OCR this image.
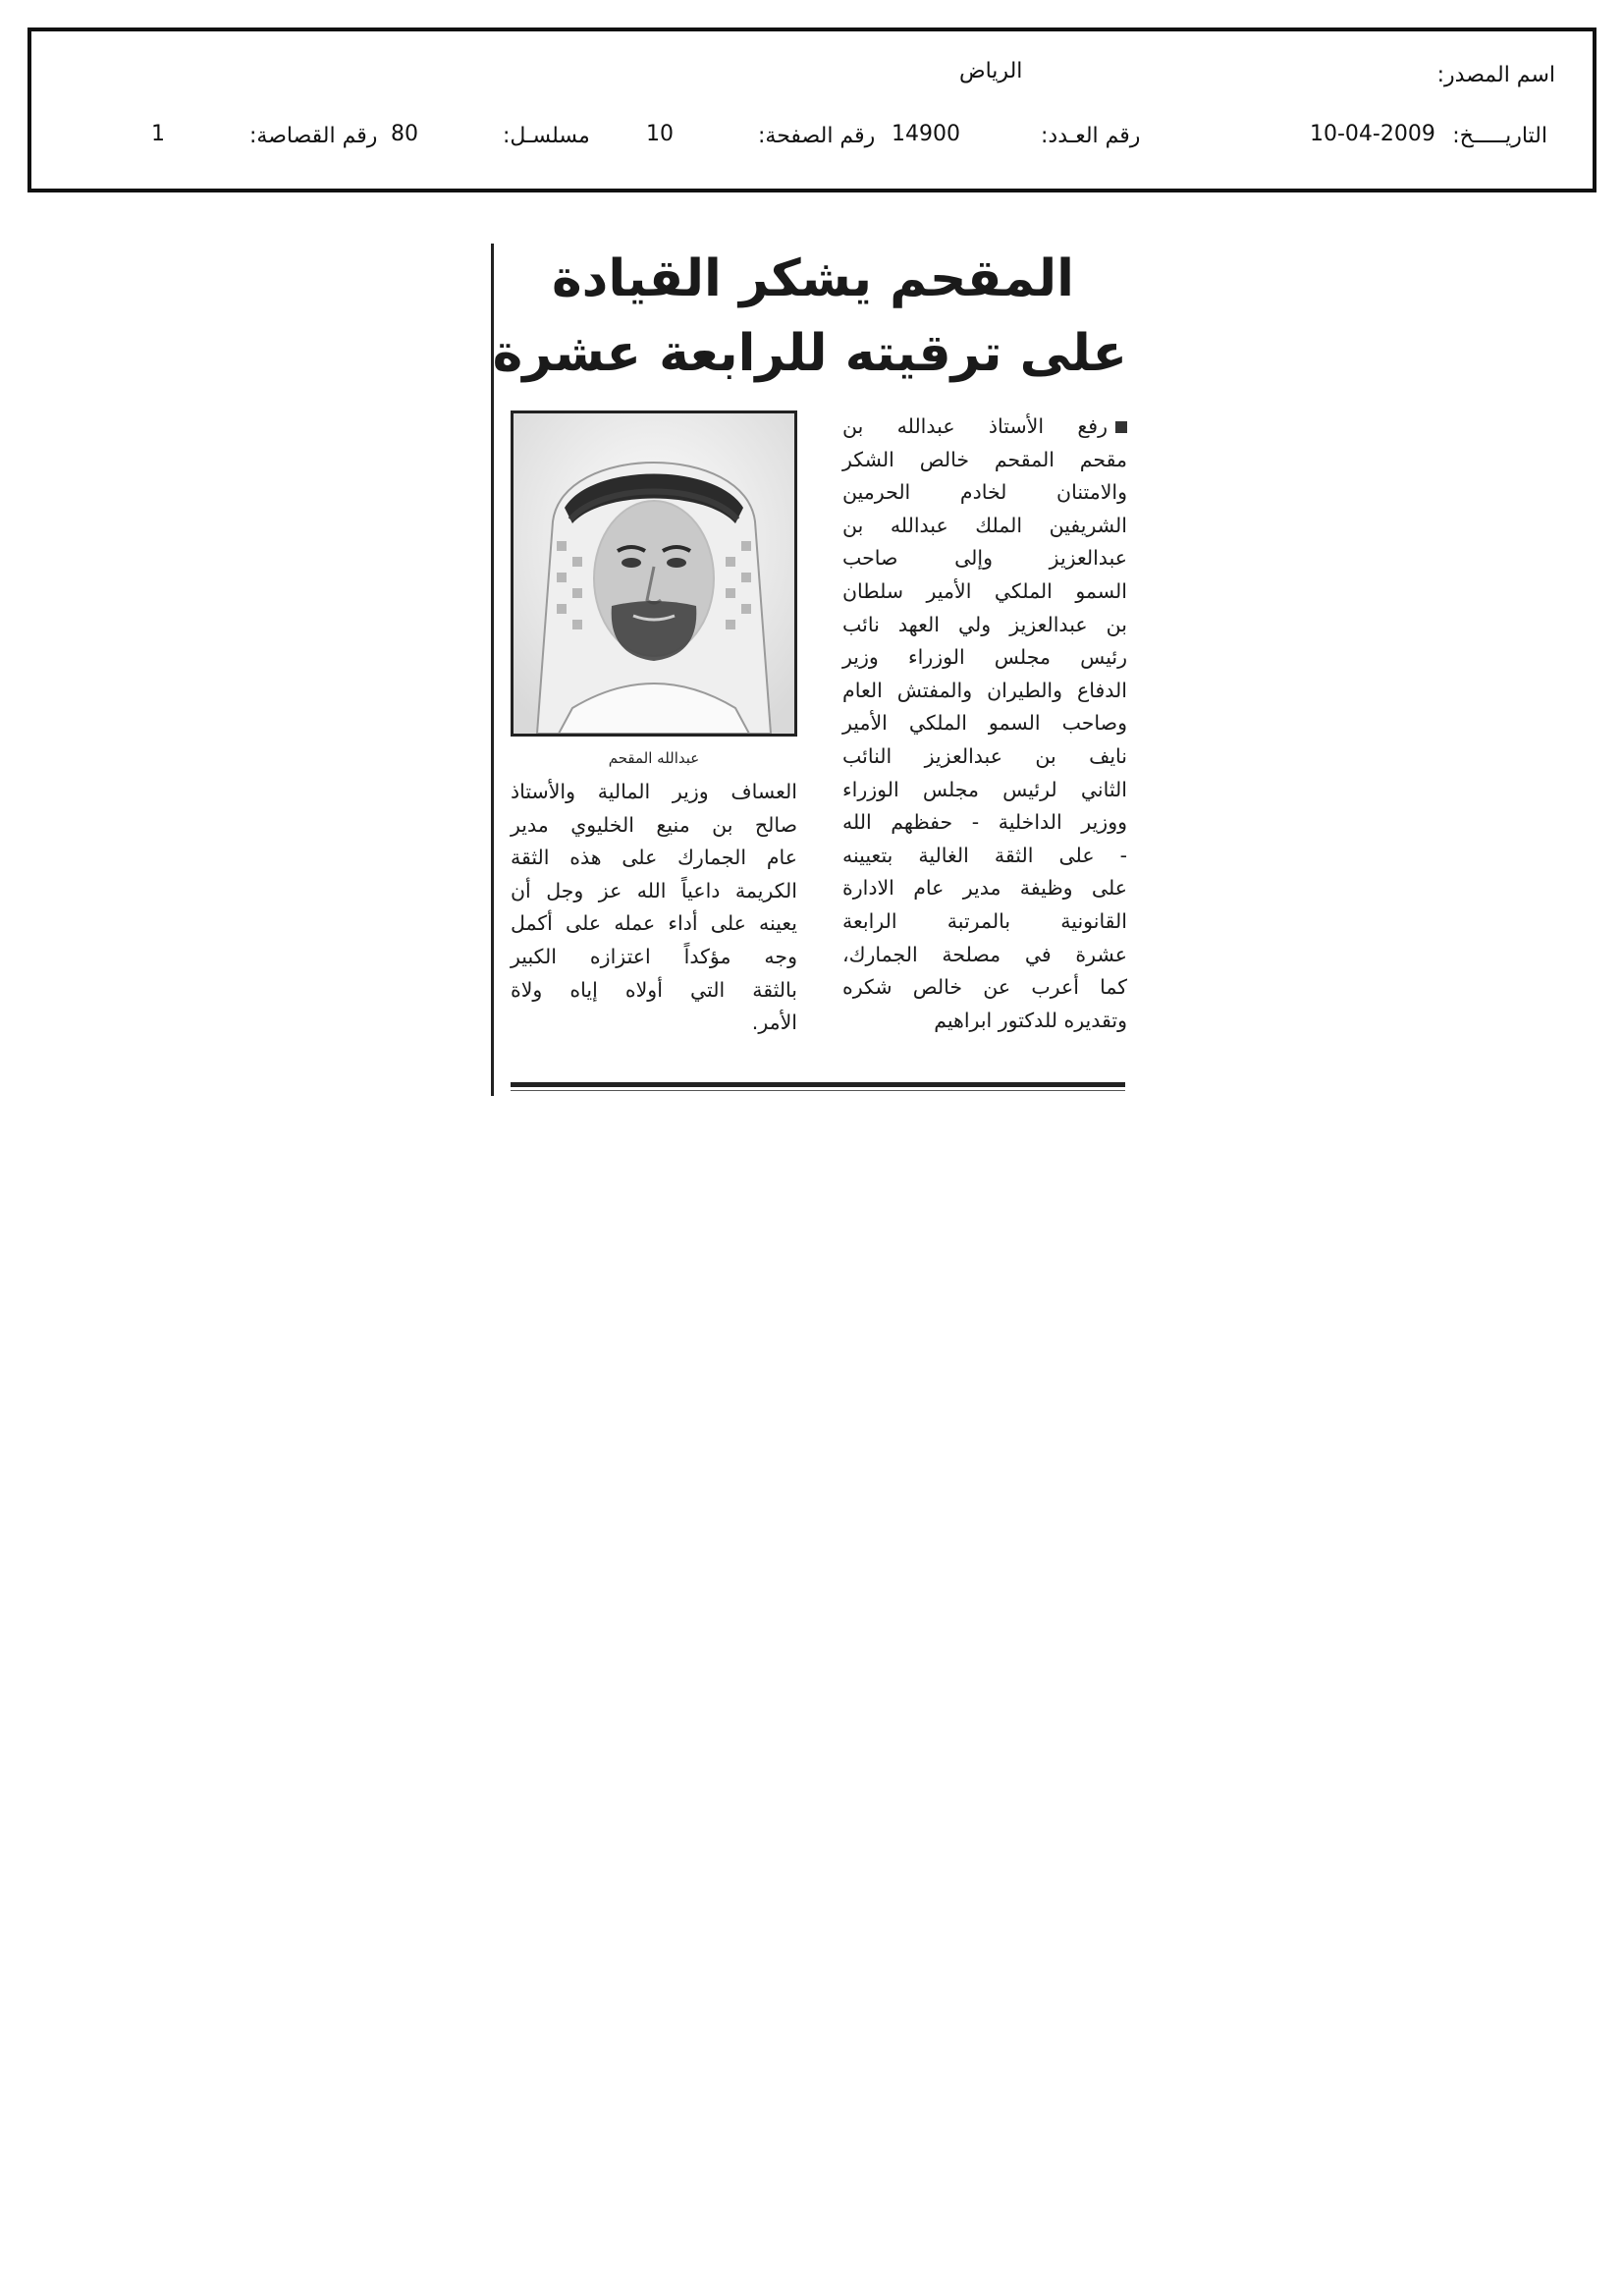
اسم المصدر:
الرياض
التاريـــــخ:
10-04-2009
رقم العـدد:
14900
رقم الصفحة:
10
مسلسـل:
80
رقم القصاصة:
1
المقحم يشكر القيادة
على ترقيته للرابعة عشرة
رفع الأستاذ عبدالله بن
مقحم المقحم خالص الشكر
والامتنان لخادم الحرمين
الشريفين الملك عبدالله بن
عبدالعزيز وإلى صاحب
السمو الملكي الأمير سلطان
بن عبدالعزيز ولي العهد نائب
رئيس مجلس الوزراء وزير
الدفاع والطيران والمفتش العام
وصاحب السمو الملكي الأمير
نايف بن عبدالعزيز النائب
الثاني لرئيس مجلس الوزراء
ووزير الداخلية - حفظهم الله
- على الثقة الغالية بتعيينه
على وظيفة مدير عام الادارة
القانونية بالمرتبة الرابعة
عشرة في مصلحة الجمارك،
كما أعرب عن خالص شكره
وتقديره للدكتور ابراهيم
عبدالله المقحم
العساف وزير المالية والأستاذ
صالح بن منيع الخليوي مدير
عام الجمارك على هذه الثقة
الكريمة داعياً الله عز وجل أن
يعينه على أداء عمله على أكمل
وجه مؤكداً اعتزازه الكبير
بالثقة التي أولاه إياه ولاة
الأمر.
